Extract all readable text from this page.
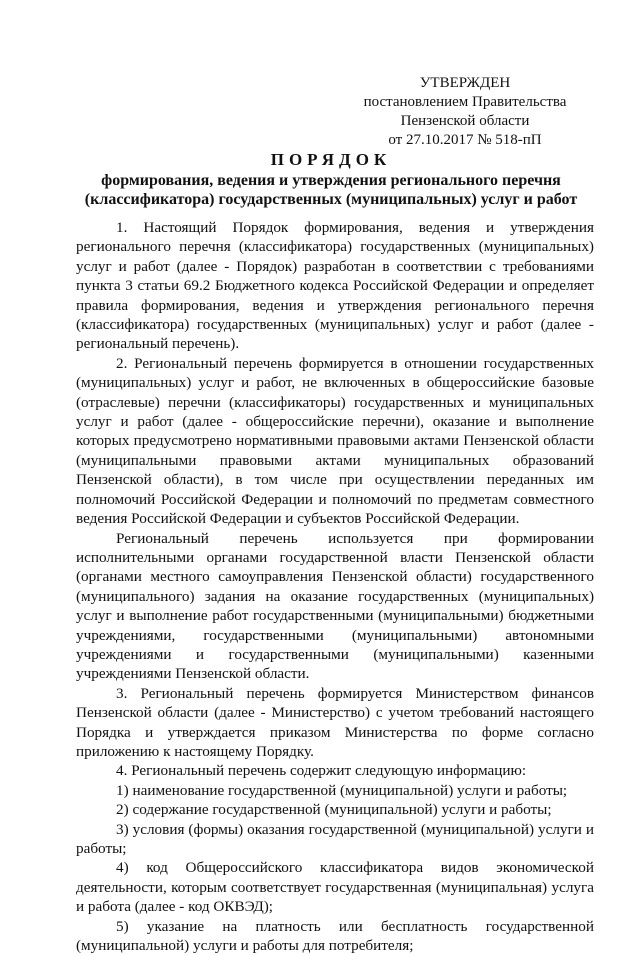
УТВЕРЖДЕН
постановлением Правительства
Пензенской области
от 27.10.2017 № 518-пП
ПОРЯДОК
формирования, ведения и утверждения регионального перечня (классификатора) государственных (муниципальных) услуг и работ

1. Настоящий Порядок формирования, ведения и утверждения регионального перечня (классификатора) государственных (муниципальных) услуг и работ (далее - Порядок) разработан в соответствии с требованиями пункта 3 статьи 69.2 Бюджетного кодекса Российской Федерации и определяет правила формирования, ведения и утверждения регионального перечня (классификатора) государственных (муниципальных) услуг и работ (далее - региональный перечень).

2. Региональный перечень формируется в отношении государственных (муниципальных) услуг и работ, не включенных в общероссийские базовые (отраслевые) перечни (классификаторы) государственных и муниципальных услуг и работ (далее - общероссийские перечни), оказание и выполнение которых предусмотрено нормативными правовыми актами Пензенской области (муниципальными правовыми актами муниципальных образований Пензенской области), в том числе при осуществлении переданных им полномочий Российской Федерации и полномочий по предметам совместного ведения Российской Федерации и субъектов Российской Федерации.

Региональный перечень используется при формировании исполнительными органами государственной власти Пензенской области (органами местного самоуправления Пензенской области) государственного (муниципального) задания на оказание государственных (муниципальных) услуг и выполнение работ государственными (муниципальными) бюджетными учреждениями, государственными (муниципальными) автономными учреждениями и государственными (муниципальными) казенными учреждениями Пензенской области.

3. Региональный перечень формируется Министерством финансов Пензенской области (далее - Министерство) с учетом требований настоящего Порядка и утверждается приказом Министерства по форме согласно приложению к настоящему Порядку.

4. Региональный перечень содержит следующую информацию:

1) наименование государственной (муниципальной) услуги и работы;

2) содержание государственной (муниципальной) услуги и работы;

3) условия (формы) оказания государственной (муниципальной) услуги и работы;

4) код Общероссийского классификатора видов экономической деятельности, которым соответствует государственная (муниципальная) услуга и работа (далее - код ОКВЭД);

5) указание на платность или бесплатность государственной (муниципальной) услуги и работы для потребителя;
